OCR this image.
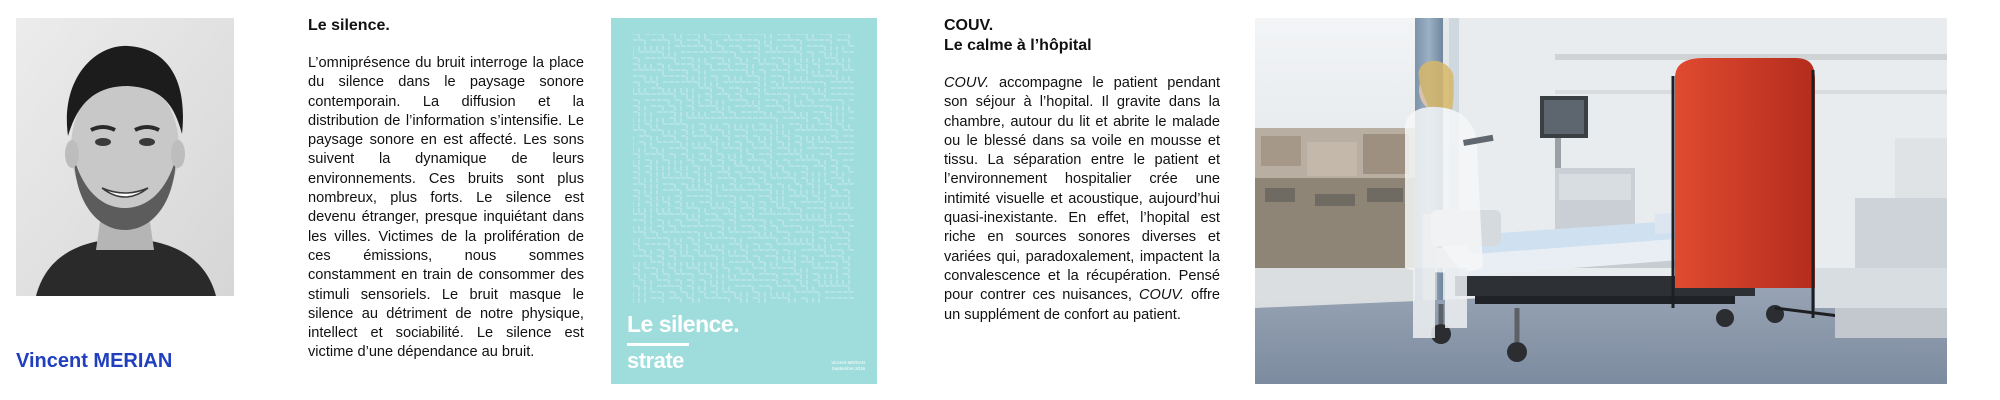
Vincent MERIAN
Le silence.

L’omniprésence du bruit interroge la place du silence dans le paysage sonore contemporain. La diffusion et la distribution de l’information s’intensifie. Le paysage sonore en est affecté. Les sons suivent la dynamique de leurs environnements. Ces bruits sont plus nombreux, plus forts. Le silence est devenu étranger, presque inquiétant dans les villes. Victimes de la prolifération de ces émissions, nous sommes constamment en train de consommer des stimuli sensoriels. Le bruit masque le silence au détriment de notre physique, intellect et sociabilité. Le silence est victime d’une dépendance au bruit.

Le silence.
strate	Vincent MERIAN
Septembre 2016
COUV.
Le calme à l’hôpital

COUV. accompagne le patient pendant son séjour à l’hopital. Il gravite dans la chambre, autour du lit et abrite le malade ou le blessé dans sa voile en mousse et tissu. La séparation entre le patient et l’environnement hospitalier crée une intimité visuelle et acoustique, aujourd’hui quasi-inexistante. En effet, l’hopital est riche en sources sonores diverses et variées qui, paradoxalement, impactent la convalescence et la récupération. Pensé pour contrer ces nuisances, COUV. offre un supplément de confort au patient.
